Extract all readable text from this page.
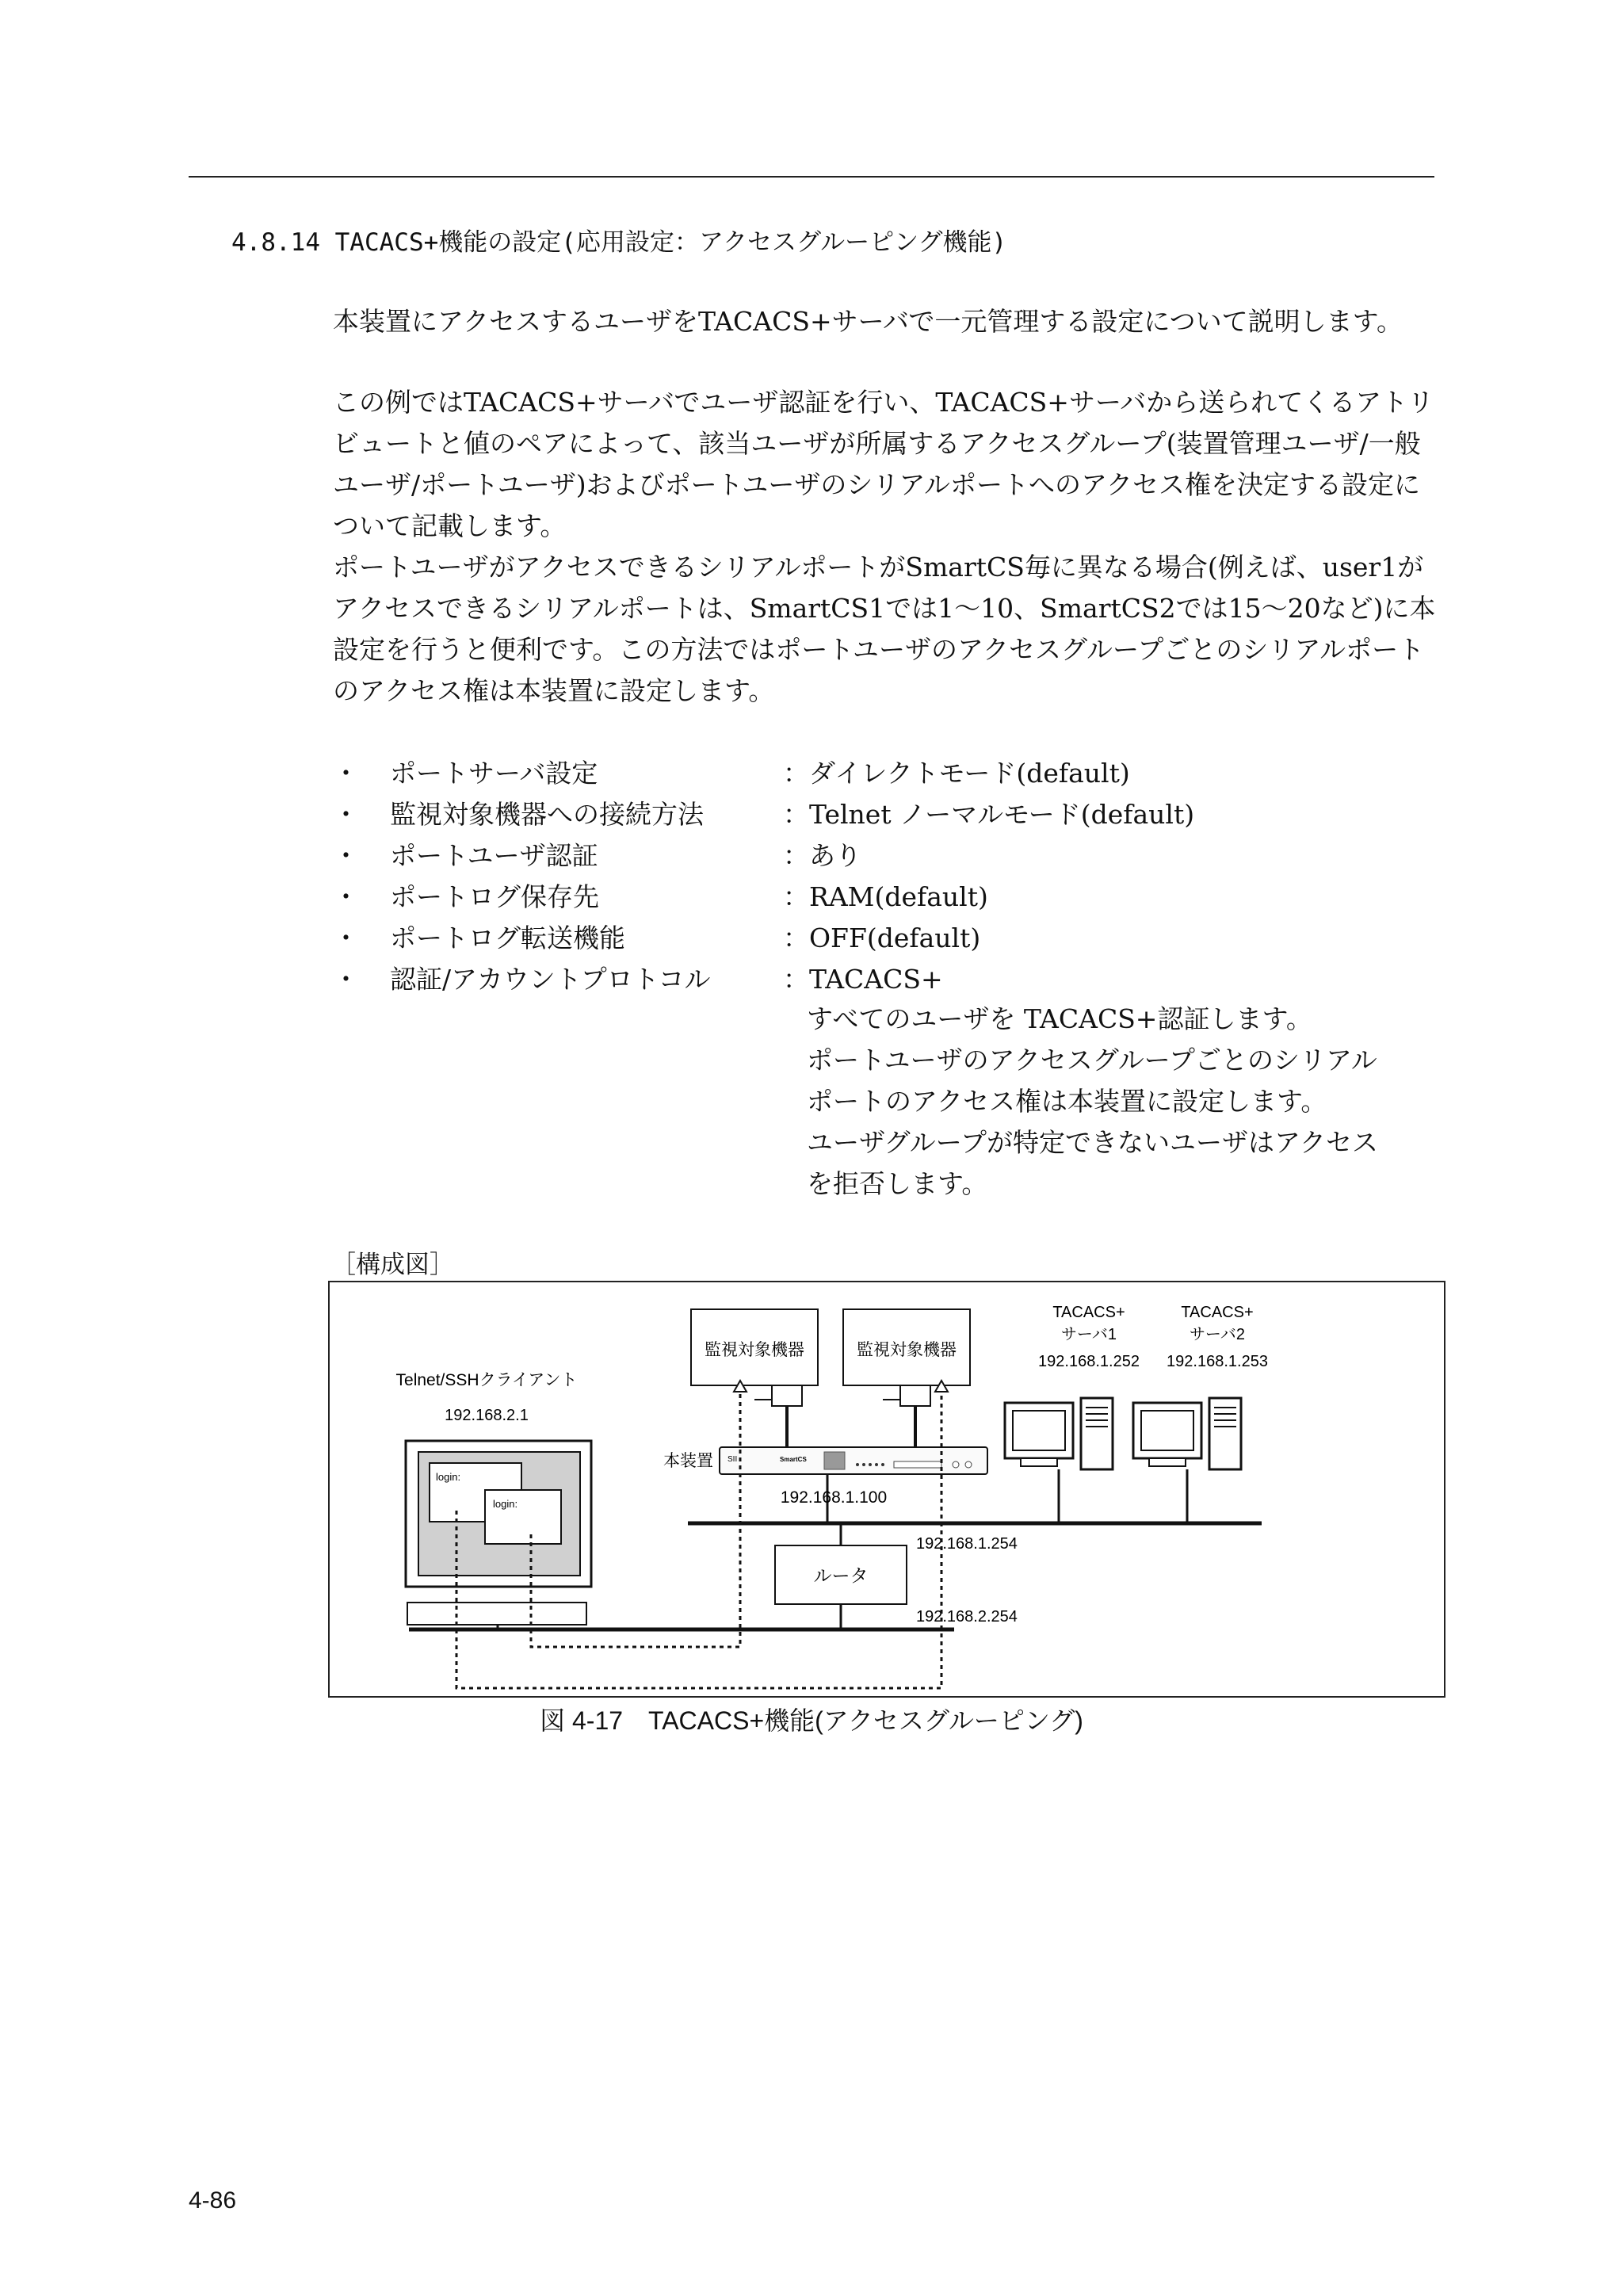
4.8.14 TACACS+機能の設定(応用設定：アクセスグルーピング機能)

本装置にアクセスするユーザをTACACS+サーバで一元管理する設定について説明します。

この例ではTACACS+サーバでユーザ認証を行い、TACACS+サーバから送られてくるアトリビュートと値のペアによって、該当ユーザが所属するアクセスグループ(装置管理ユーザ/一般ユーザ/ポートユーザ)およびポートユーザのシリアルポートへのアクセス権を決定する設定について記載します。

ポートユーザがアクセスできるシリアルポートがSmartCS毎に異なる場合(例えば、user1がアクセスできるシリアルポートは、SmartCS1では1〜10、SmartCS2では15〜20など)に本設定を行うと便利です。この方法ではポートユーザのアクセスグループごとのシリアルポートのアクセス権は本装置に設定します。

・ ポートサーバ設定	：ダイレクトモード(default)
・ 監視対象機器への接続方法	：Telnet ノーマルモード(default)
・ ポートユーザ認証	：あり
・ ポートログ保存先	：RAM(default)
・ ポートログ転送機能	：OFF(default)
・ 認証/アカウントプロトコル	：TACACS+
すべてのユーザを TACACS+認証します。
ポートユーザのアクセスグループごとのシリアル
ポートのアクセス権は本装置に設定します。
ユーザグループが特定できないユーザはアクセス
を拒否します。
［構成図］
監視対象機器	監視対象機器
本装置 SII	SmartCS
192.168.1.100
TACACS+
サーバ1
192.168.1.252
TACACS+
サーバ2
192.168.1.253
ルータ
192.168.1.254
192.168.2.254
Telnet/SSHクライアント
192.168.2.1
login:
login:
図 4-17　TACACS+機能(アクセスグルーピング)
4-86
